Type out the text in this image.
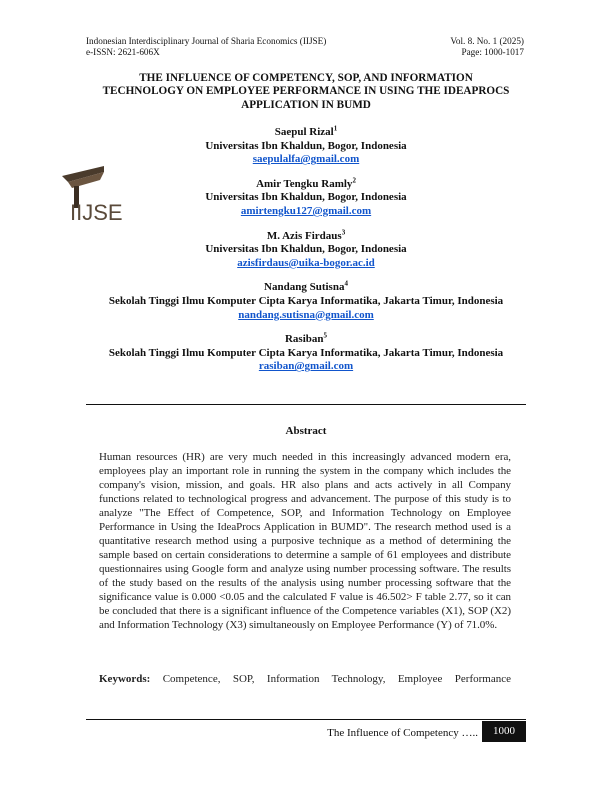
Indonesian Interdisciplinary Journal of Sharia Economics (IIJSE)
e-ISSN: 2621-606X
Vol. 8. No. 1 (2025)
Page: 1000-1017
THE INFLUENCE OF COMPETENCY, SOP, AND INFORMATION
TECHNOLOGY ON EMPLOYEE PERFORMANCE IN USING THE IDEAPROCS
APPLICATION IN BUMD
IIJSE
Saepul Rizal$^1$
Universitas Ibn Khaldun, Bogor, Indonesia
saepulalfa@gmail.com
Amir Tengku Ramly$^2$
Universitas Ibn Khaldun, Bogor, Indonesia
amirtengku127@gmail.com
M. Azis Firdaus$^3$
Universitas Ibn Khaldun, Bogor, Indonesia
azisfirdaus@uika-bogor.ac.id
Nandang Sutisna$^4$
Sekolah Tinggi Ilmu Komputer Cipta Karya Informatika, Jakarta Timur, Indonesia
nandang.sutisna@gmail.com
Rasiban$^5$
Sekolah Tinggi Ilmu Komputer Cipta Karya Informatika, Jakarta Timur, Indonesia
rasiban@gmail.com
Abstract
Human resources (HR) are very much needed in this increasingly advanced modern era, employees play an important role in running the system in the company which includes the company's vision, mission, and goals. HR also plans and acts actively in all Company functions related to technological progress and advancement. The purpose of this study is to analyze "The Effect of Competence, SOP, and Information Technology on Employee Performance in Using the IdeaProcs Application in BUMD". The research method used is a quantitative research method using a purposive technique as a method of determining the sample based on certain considerations to determine a sample of 61 employees and distribute questionnaires using Google form and analyze using number processing software. The results of the study based on the results of the analysis using number processing software that the significance value is 0.000 <0.05 and the calculated F value is 46.502> F table 2.77, so it can be concluded that there is a significant influence of the Competence variables (X1), SOP (X2) and Information Technology (X3) simultaneously on Employee Performance (Y) of 71.0%.
Keywords: Competence, SOP, Information Technology, Employee Performance
The Influence of Competency …..	1000
